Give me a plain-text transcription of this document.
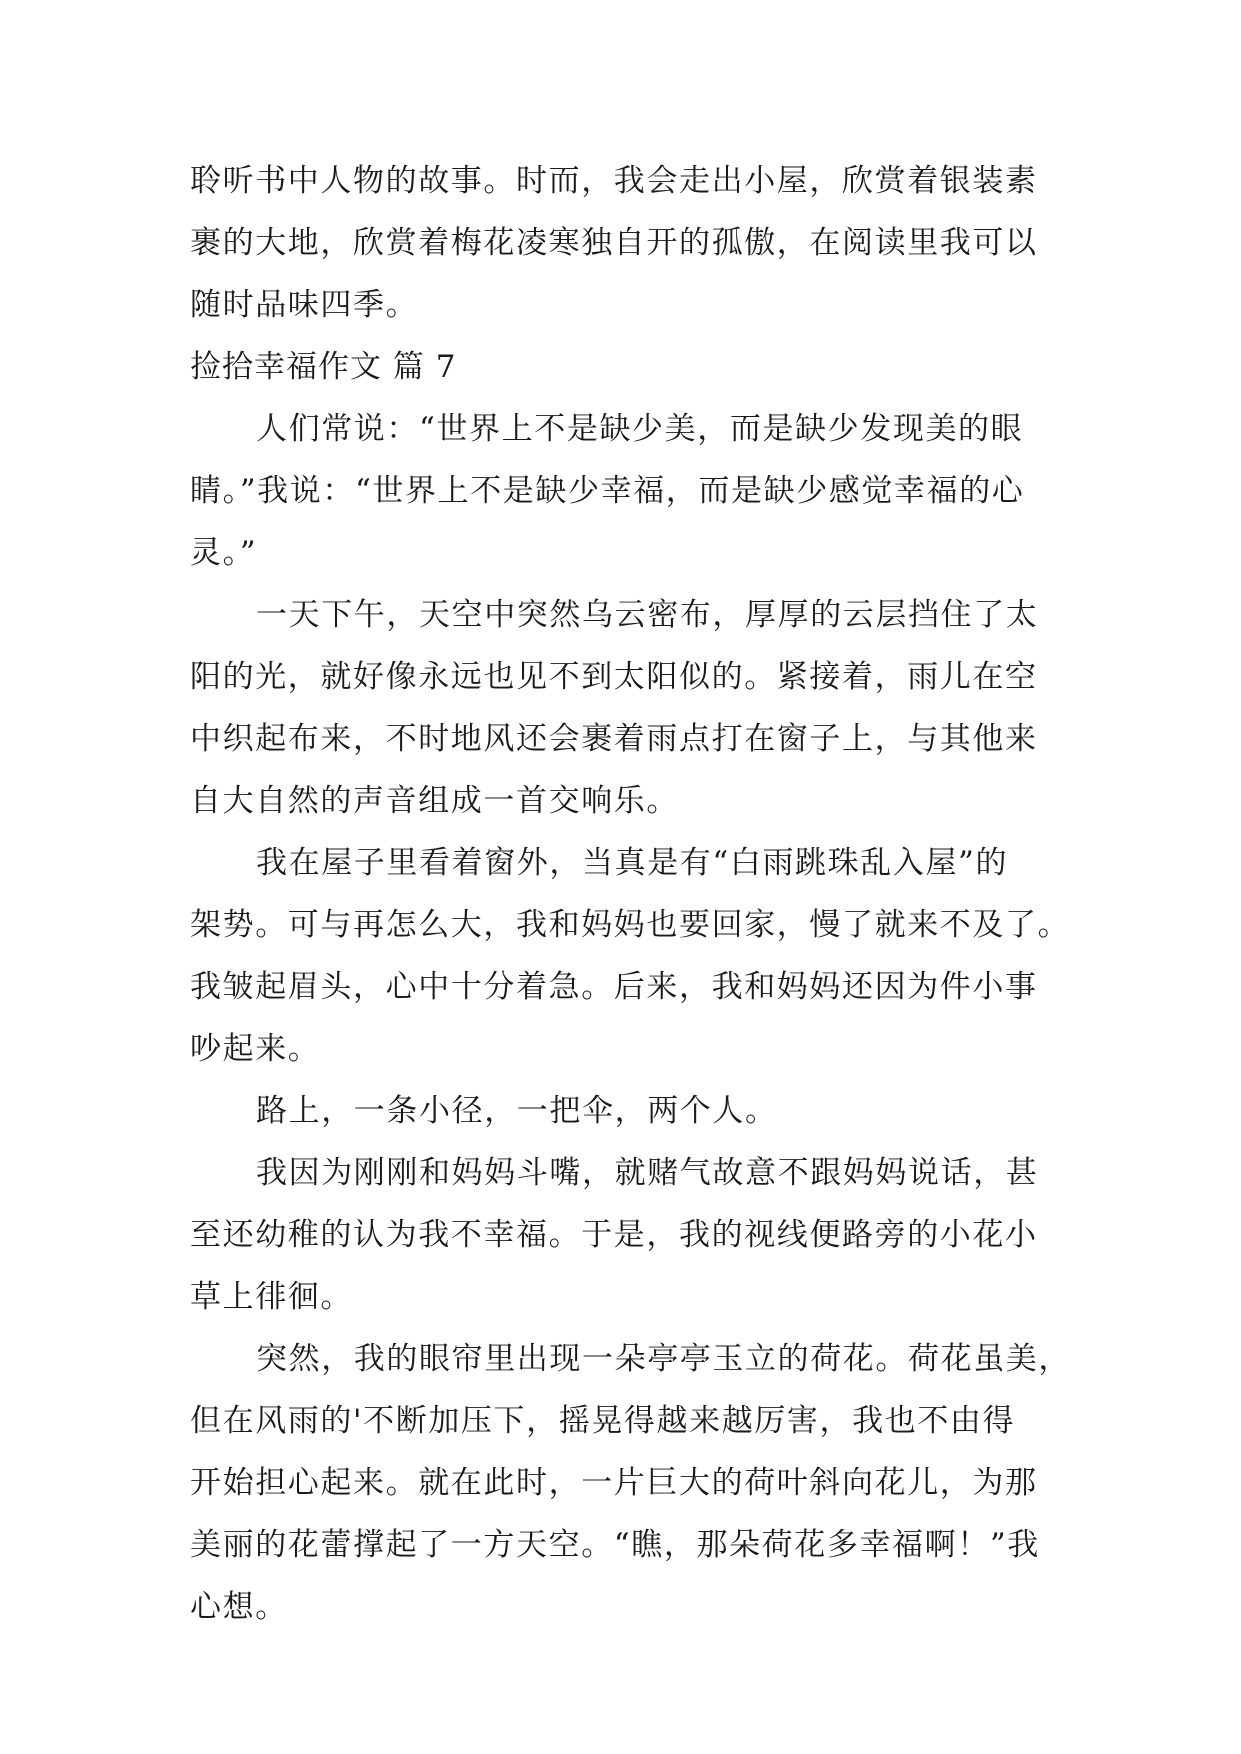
聆听书中人物的故事。时而，我会走出小屋，欣赏着银装素
裹的大地，欣赏着梅花凌寒独自开的孤傲，在阅读里我可以
随时品味四季。
捡拾幸福作文 篇 7
人们常说：“世界上不是缺少美，而是缺少发现美的眼
睛。”我说：“世界上不是缺少幸福，而是缺少感觉幸福的心
灵。”
一天下午，天空中突然乌云密布，厚厚的云层挡住了太
阳的光，就好像永远也见不到太阳似的。紧接着，雨儿在空
中织起布来，不时地风还会裹着雨点打在窗子上，与其他来
自大自然的声音组成一首交响乐。
我在屋子里看着窗外，当真是有“白雨跳珠乱入屋”的
架势。可与再怎么大，我和妈妈也要回家，慢了就来不及了。
我皱起眉头，心中十分着急。后来，我和妈妈还因为件小事
吵起来。
路上，一条小径，一把伞，两个人。
我因为刚刚和妈妈斗嘴，就赌气故意不跟妈妈说话，甚
至还幼稚的认为我不幸福。于是，我的视线便路旁的小花小
草上徘徊。
突然，我的眼帘里出现一朵亭亭玉立的荷花。荷花虽美，
但在风雨的'不断加压下，摇晃得越来越厉害，我也不由得
开始担心起来。就在此时，一片巨大的荷叶斜向花儿，为那
美丽的花蕾撑起了一方天空。“瞧，那朵荷花多幸福啊！”我
心想。
